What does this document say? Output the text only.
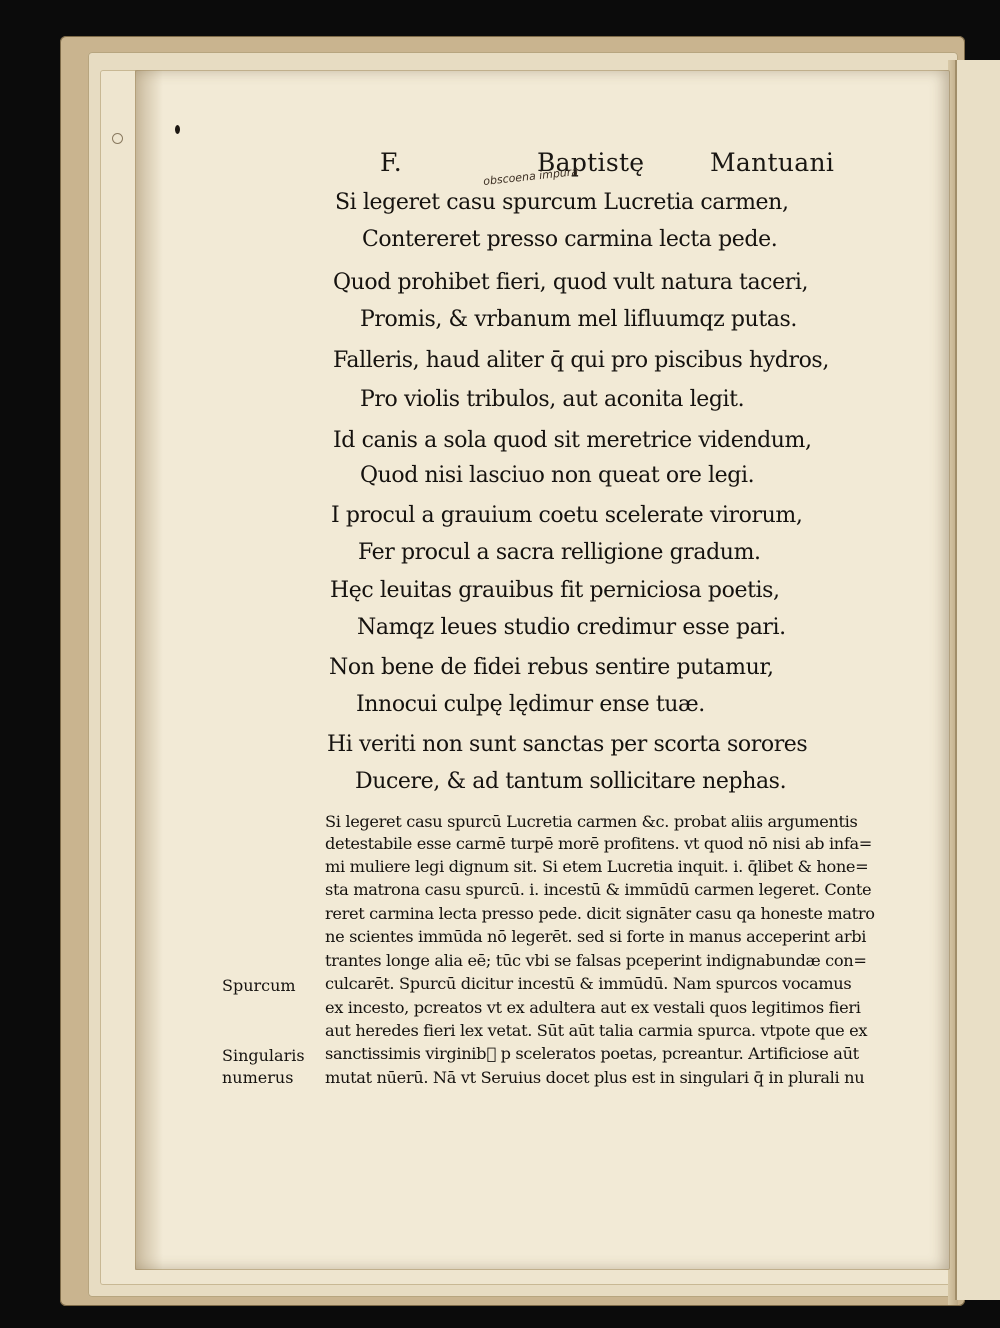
F.	Baptistę	Mantuani
obscoena impura
Si legeret casu spurcum Lucretia carmen,
Contereret presso carmina lecta pede.
Quod prohibet fieri, quod vult natura taceri,
Promis, & vrbanum mel lifluumqz putas.
Falleris, haud aliter q̄ qui pro piscibus hydros,
Pro violis tribulos, aut aconita legit.
Id canis a sola quod sit meretrice videndum,
Quod nisi lasciuo non queat ore legi.
I procul a grauium coetu scelerate virorum,
Fer procul a sacra relligione gradum.
Hęc leuitas grauibus fit perniciosa poetis,
Namqz leues studio credimur esse pari.
Non bene de fidei rebus sentire putamur,
Innocui culpę lędimur ense tuæ.
Hi veriti non sunt sanctas per scorta sorores
Ducere, & ad tantum sollicitare nephas.
Si legeret casu spurcū Lucretia carmen &c. probat aliis argumentis
detestabile esse carmē turpē morē profitens. vt quod nō nisi ab infa=
mi muliere legi dignum sit. Si etem Lucretia inquit. i. q̄libet & hone=
sta matrona casu spurcū. i. incestū & immūdū carmen legeret. Conte
reret carmina lecta presso pede. dicit signāter casu qa honeste matro
ne scientes immūda nō legerēt. sed si forte in manus acceperint arbi
trantes longe alia eē; tūc vbi se falsas pceperint indignabundæ con=
culcarēt. Spurcū dicitur incestū & immūdū. Nam spurcos vocamus
ex incesto, pcreatos vt ex adultera aut ex vestali quos legitimos fieri
aut heredes fieri lex vetat. Sūt aūt talia carmia spurca. vtpote que ex
sanctissimis virginib᷒ p sceleratos poetas, pcreantur. Artificiose aūt
mutat nūerū. Nā vt Seruius docet plus est in singulari q̄ in plurali nu
Spurcum
Singularis
numerus
